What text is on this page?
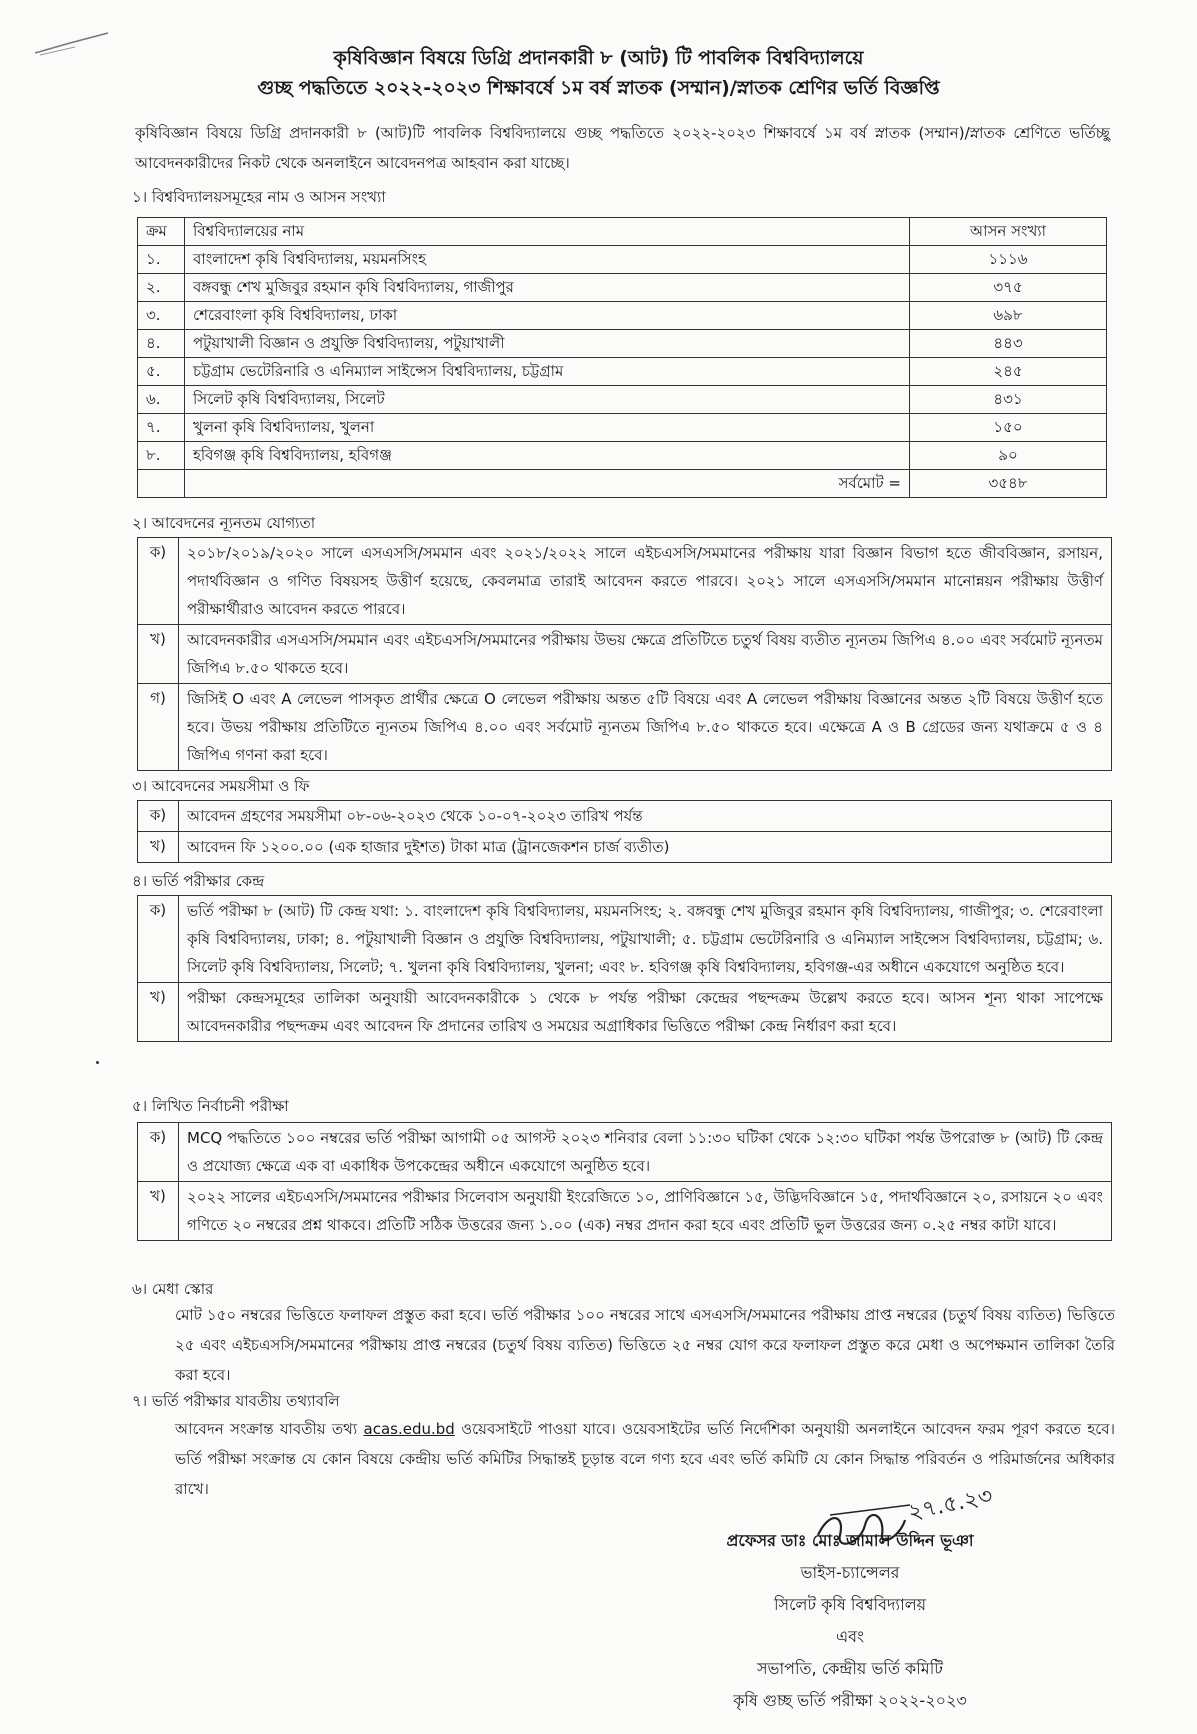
কৃষিবিজ্ঞান বিষয়ে ডিগ্রি প্রদানকারী ৮ (আট) টি পাবলিক বিশ্ববিদ্যালয়ে
গুচ্ছ পদ্ধতিতে ২০২২-২০২৩ শিক্ষাবর্ষে ১ম বর্ষ স্নাতক (সম্মান)/স্নাতক শ্রেণির ভর্তি বিজ্ঞপ্তি
কৃষিবিজ্ঞান বিষয়ে ডিগ্রি প্রদানকারী ৮ (আট)টি পাবলিক বিশ্ববিদ্যালয়ে গুচ্ছ পদ্ধতিতে ২০২২-২০২৩ শিক্ষাবর্ষে ১ম বর্ষ স্নাতক (সম্মান)/স্নাতক শ্রেণিতে ভর্তিচ্ছু আবেদনকারীদের নিকট থেকে অনলাইনে আবেদনপত্র আহবান করা যাচ্ছে।
১। বিশ্ববিদ্যালয়সমূহের নাম ও আসন সংখ্যা
ক্রম	বিশ্ববিদ্যালয়ের নাম	আসন সংখ্যা
১.	বাংলাদেশ কৃষি বিশ্ববিদ্যালয়, ময়মনসিংহ	১১১৬
২.	বঙ্গবন্ধু শেখ মুজিবুর রহমান কৃষি বিশ্ববিদ্যালয়, গাজীপুর	৩৭৫
৩.	শেরেবাংলা কৃষি বিশ্ববিদ্যালয়, ঢাকা	৬৯৮
৪.	পটুয়াখালী বিজ্ঞান ও প্রযুক্তি বিশ্ববিদ্যালয়, পটুয়াখালী	৪৪৩
৫.	চট্টগ্রাম ভেটেরিনারি ও এনিম্যাল সাইন্সেস বিশ্ববিদ্যালয়, চট্টগ্রাম	২৪৫
৬.	সিলেট কৃষি বিশ্ববিদ্যালয়, সিলেট	৪৩১
৭.	খুলনা কৃষি বিশ্ববিদ্যালয়, খুলনা	১৫০
৮.	হবিগঞ্জ কৃষি বিশ্ববিদ্যালয়, হবিগঞ্জ	৯০
	সর্বমোট =	৩৫৪৮
২। আবেদনের ন্যূনতম যোগ্যতা
ক)	২০১৮/২০১৯/২০২০ সালে এসএসসি/সমমান এবং ২০২১/২০২২ সালে এইচএসসি/সমমানের পরীক্ষায় যারা বিজ্ঞান বিভাগ হতে জীববিজ্ঞান, রসায়ন, পদার্থবিজ্ঞান ও গণিত বিষয়সহ উত্তীর্ণ হয়েছে, কেবলমাত্র তারাই আবেদন করতে পারবে। ২০২১ সালে এসএসসি/সমমান মানোন্নয়ন পরীক্ষায় উত্তীর্ণ পরীক্ষার্থীরাও আবেদন করতে পারবে।
খ)	আবেদনকারীর এসএসসি/সমমান এবং এইচএসসি/সমমানের পরীক্ষায় উভয় ক্ষেত্রে প্রতিটিতে চতুর্থ বিষয় ব্যতীত ন্যূনতম জিপিএ ৪.০০ এবং সর্বমোট ন্যূনতম জিপিএ ৮.৫০ থাকতে হবে।
গ)	জিসিই O এবং A লেভেল পাসকৃত প্রার্থীর ক্ষেত্রে O লেভেল পরীক্ষায় অন্তত ৫টি বিষয়ে এবং A লেভেল পরীক্ষায় বিজ্ঞানের অন্তত ২টি বিষয়ে উত্তীর্ণ হতে হবে। উভয় পরীক্ষায় প্রতিটিতে ন্যূনতম জিপিএ ৪.০০ এবং সর্বমোট ন্যূনতম জিপিএ ৮.৫০ থাকতে হবে। এক্ষেত্রে A ও B গ্রেডের জন্য যথাক্রমে ৫ ও ৪ জিপিএ গণনা করা হবে।
৩। আবেদনের সময়সীমা ও ফি
ক)	আবেদন গ্রহণের সময়সীমা ০৮-০৬-২০২৩ থেকে ১০-০৭-২০২৩ তারিখ পর্যন্ত
খ)	আবেদন ফি ১২০০.০০ (এক হাজার দুইশত) টাকা মাত্র (ট্রানজেকশন চার্জ ব্যতীত)
৪। ভর্তি পরীক্ষার কেন্দ্র
ক)	ভর্তি পরীক্ষা ৮ (আট) টি কেন্দ্র যথা: ১. বাংলাদেশ কৃষি বিশ্ববিদ্যালয়, ময়মনসিংহ; ২. বঙ্গবন্ধু শেখ মুজিবুর রহমান কৃষি বিশ্ববিদ্যালয়, গাজীপুর; ৩. শেরেবাংলা কৃষি বিশ্ববিদ্যালয়, ঢাকা; ৪. পটুয়াখালী বিজ্ঞান ও প্রযুক্তি বিশ্ববিদ্যালয়, পটুয়াখালী; ৫. চট্টগ্রাম ভেটেরিনারি ও এনিম্যাল সাইন্সেস বিশ্ববিদ্যালয়, চট্টগ্রাম; ৬. সিলেট কৃষি বিশ্ববিদ্যালয়, সিলেট; ৭. খুলনা কৃষি বিশ্ববিদ্যালয়, খুলনা; এবং ৮. হবিগঞ্জ কৃষি বিশ্ববিদ্যালয়, হবিগঞ্জ-এর অধীনে একযোগে অনুষ্ঠিত হবে।
খ)	পরীক্ষা কেন্দ্রসমূহের তালিকা অনুযায়ী আবেদনকারীকে ১ থেকে ৮ পর্যন্ত পরীক্ষা কেন্দ্রের পছন্দক্রম উল্লেখ করতে হবে। আসন শূন্য থাকা সাপেক্ষে আবেদনকারীর পছন্দক্রম এবং আবেদন ফি প্রদানের তারিখ ও সময়ের অগ্রাধিকার ভিত্তিতে পরীক্ষা কেন্দ্র নির্ধারণ করা হবে।
৫। লিখিত নির্বাচনী পরীক্ষা
ক)	MCQ পদ্ধতিতে ১০০ নম্বরের ভর্তি পরীক্ষা আগামী ০৫ আগস্ট ২০২৩ শনিবার বেলা ১১:৩০ ঘটিকা থেকে ১২:৩০ ঘটিকা পর্যন্ত উপরোক্ত ৮ (আট) টি কেন্দ্র ও প্রযোজ্য ক্ষেত্রে এক বা একাধিক উপকেন্দ্রের অধীনে একযোগে অনুষ্ঠিত হবে।
খ)	২০২২ সালের এইচএসসি/সমমানের পরীক্ষার সিলেবাস অনুযায়ী ইংরেজিতে ১০, প্রাণিবিজ্ঞানে ১৫, উদ্ভিদবিজ্ঞানে ১৫, পদার্থবিজ্ঞানে ২০, রসায়নে ২০ এবং গণিতে ২০ নম্বরের প্রশ্ন থাকবে। প্রতিটি সঠিক উত্তরের জন্য ১.০০ (এক) নম্বর প্রদান করা হবে এবং প্রতিটি ভুল উত্তরের জন্য ০.২৫ নম্বর কাটা যাবে।
৬। মেধা স্কোর
মোট ১৫০ নম্বরের ভিত্তিতে ফলাফল প্রস্তুত করা হবে। ভর্তি পরীক্ষার ১০০ নম্বরের সাথে এসএসসি/সমমানের পরীক্ষায় প্রাপ্ত নম্বরের (চতুর্থ বিষয় ব্যতিত) ভিত্তিতে ২৫ এবং এইচএসসি/সমমানের পরীক্ষায় প্রাপ্ত নম্বরের (চতুর্থ বিষয় ব্যতিত) ভিত্তিতে ২৫ নম্বর যোগ করে ফলাফল প্রস্তুত করে মেধা ও অপেক্ষমান তালিকা তৈরি করা হবে।
৭। ভর্তি পরীক্ষার যাবতীয় তথ্যাবলি
আবেদন সংক্রান্ত যাবতীয় তথ্য acas.edu.bd ওয়েবসাইটে পাওয়া যাবে। ওয়েবসাইটের ভর্তি নির্দেশিকা অনুযায়ী অনলাইনে আবেদন ফরম পূরণ করতে হবে। ভর্তি পরীক্ষা সংক্রান্ত যে কোন বিষয়ে কেন্দ্রীয় ভর্তি কমিটির সিদ্ধান্তই চূড়ান্ত বলে গণ্য হবে এবং ভর্তি কমিটি যে কোন সিদ্ধান্ত পরিবর্তন ও পরিমার্জনের অধিকার রাখে।	২৭.৫.২৩
প্রফেসর ডাঃ মোঃ জামাল উদ্দিন ভূঞা
ভাইস-চ্যান্সেলর
সিলেট কৃষি বিশ্ববিদ্যালয়
এবং
সভাপতি, কেন্দ্রীয় ভর্তি কমিটি
কৃষি গুচ্ছ ভর্তি পরীক্ষা ২০২২-২০২৩
